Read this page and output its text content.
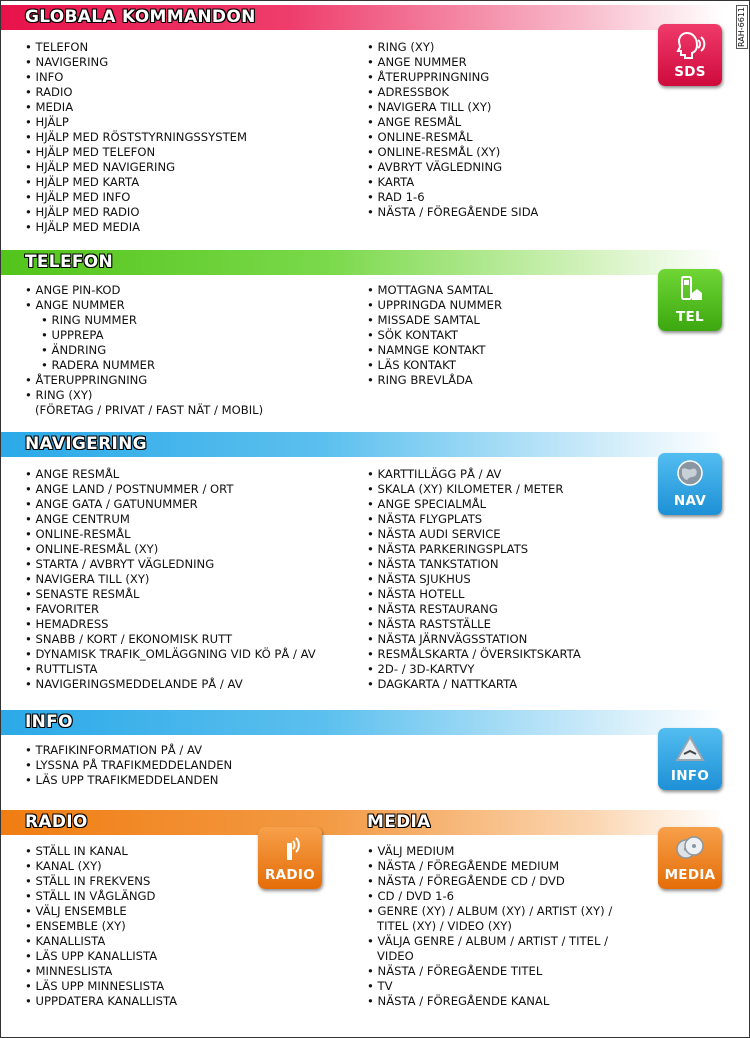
RAH-6611
GLOBALA KOMMANDON
• TELEFON
• NAVIGERING
• INFO
• RADIO
• MEDIA
• HJÄLP
• HJÄLP MED RÖSTSTYRNINGSSYSTEM
• HJÄLP MED TELEFON
• HJÄLP MED NAVIGERING
• HJÄLP MED KARTA
• HJÄLP MED INFO
• HJÄLP MED RADIO
• HJÄLP MED MEDIA
• RING (XY)
• ANGE NUMMER
• ÅTERUPPRINGNING
• ADRESSBOK
• NAVIGERA TILL (XY)
• ANGE RESMÅL
• ONLINE-RESMÅL
• ONLINE-RESMÅL (XY)
• AVBRYT VÄGLEDNING
• KARTA
• RAD 1-6
• NÄSTA / FÖREGÅENDE SIDA
SDS
TELEFON
• ANGE PIN-KOD
• ANGE NUMMER
• RING NUMMER
• UPPREPA
• ÄNDRING
• RADERA NUMMER
• ÅTERUPPRINGNING
• RING (XY)
(FÖRETAG / PRIVAT / FAST NÄT / MOBIL)
• MOTTAGNA SAMTAL
• UPPRINGDA NUMMER
• MISSADE SAMTAL
• SÖK KONTAKT
• NAMNGE KONTAKT
• LÄS KONTAKT
• RING BREVLÅDA
TEL
NAVIGERING
• ANGE RESMÅL
• ANGE LAND / POSTNUMMER / ORT
• ANGE GATA / GATUNUMMER
• ANGE CENTRUM
• ONLINE-RESMÅL
• ONLINE-RESMÅL (XY)
• STARTA / AVBRYT VÄGLEDNING
• NAVIGERA TILL (XY)
• SENASTE RESMÅL
• FAVORITER
• HEMADRESS
• SNABB / KORT / EKONOMISK RUTT
• DYNAMISK TRAFIK_OMLÄGGNING VID KÖ PÅ / AV
• RUTTLISTA
• NAVIGERINGSMEDDELANDE PÅ / AV
• KARTTILLÄGG PÅ / AV
• SKALA (XY) KILOMETER / METER
• ANGE SPECIALMÅL
• NÄSTA FLYGPLATS
• NÄSTA AUDI SERVICE
• NÄSTA PARKERINGSPLATS
• NÄSTA TANKSTATION
• NÄSTA SJUKHUS
• NÄSTA HOTELL
• NÄSTA RESTAURANG
• NÄSTA RASTSTÄLLE
• NÄSTA JÄRNVÄGSSTATION
• RESMÅLSKARTA / ÖVERSIKTSKARTA
• 2D- / 3D-KARTVY
• DAGKARTA / NATTKARTA
NAV
INFO
• TRAFIKINFORMATION PÅ / AV
• LYSSNA PÅ TRAFIKMEDDELANDEN
• LÄS UPP TRAFIKMEDDELANDEN	INFO
RADIO	MEDIA
• STÄLL IN KANAL
• KANAL (XY)
• STÄLL IN FREKVENS
• STÄLL IN VÅGLÄNGD
• VÄLJ ENSEMBLE
• ENSEMBLE (XY)
• KANALLISTA
• LÄS UPP KANALLISTA
• MINNESLISTA
• LÄS UPP MINNESLISTA
• UPPDATERA KANALLISTA
• VÄLJ MEDIUM
• NÄSTA / FÖREGÅENDE MEDIUM
• NÄSTA / FÖREGÅENDE CD / DVD
• CD / DVD 1-6
• GENRE (XY) / ALBUM (XY) / ARTIST (XY) /
TITEL (XY) / VIDEO (XY)
• VÄLJA GENRE / ALBUM / ARTIST / TITEL /
VIDEO
• NÄSTA / FÖREGÅENDE TITEL
• TV
• NÄSTA / FÖREGÅENDE KANAL
RADIO	MEDIA
